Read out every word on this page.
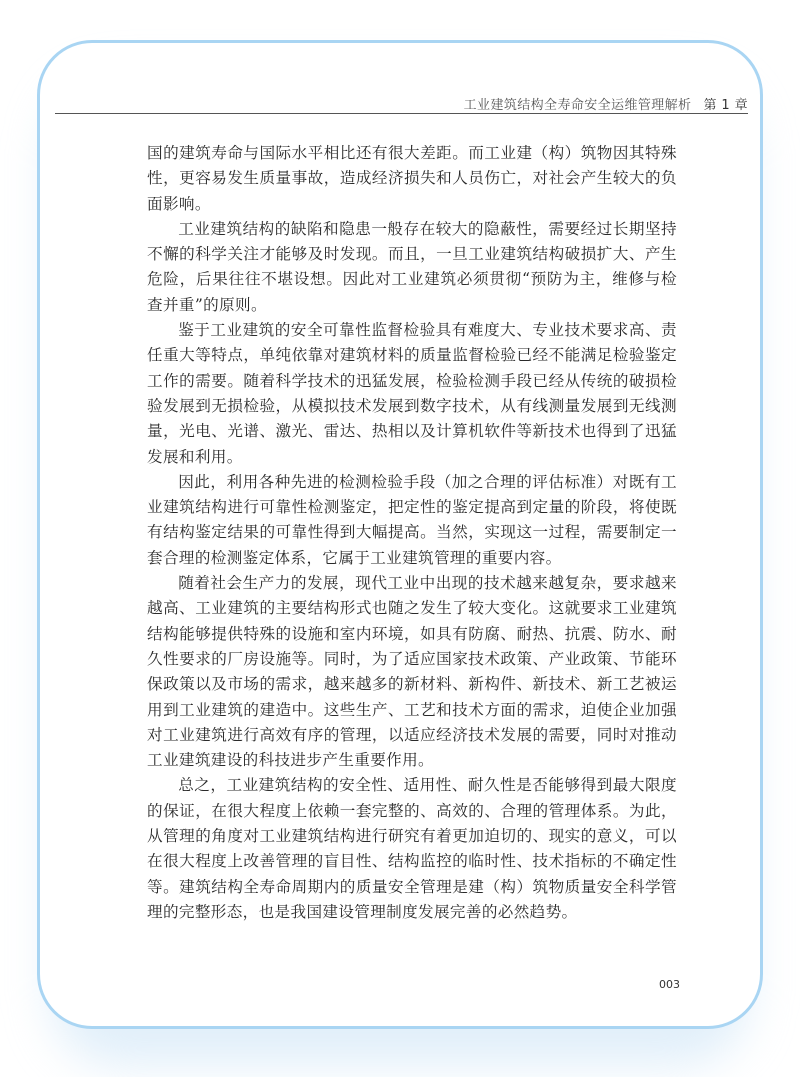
工业建筑结构全寿命安全运维管理解析 第 1 章

国的建筑寿命与国际水平相比还有很大差距。而工业建（构）筑物因其特殊性，更容易发生质量事故，造成经济损失和人员伤亡，对社会产生较大的负面影响。

工业建筑结构的缺陷和隐患一般存在较大的隐蔽性，需要经过长期坚持不懈的科学关注才能够及时发现。而且，一旦工业建筑结构破损扩大、产生危险，后果往往不堪设想。因此对工业建筑必须贯彻“预防为主，维修与检查并重”的原则。

鉴于工业建筑的安全可靠性监督检验具有难度大、专业技术要求高、责任重大等特点，单纯依靠对建筑材料的质量监督检验已经不能满足检验鉴定工作的需要。随着科学技术的迅猛发展，检验检测手段已经从传统的破损检验发展到无损检验，从模拟技术发展到数字技术，从有线测量发展到无线测量，光电、光谱、激光、雷达、热相以及计算机软件等新技术也得到了迅猛发展和利用。

因此，利用各种先进的检测检验手段（加之合理的评估标准）对既有工业建筑结构进行可靠性检测鉴定，把定性的鉴定提高到定量的阶段，将使既有结构鉴定结果的可靠性得到大幅提高。当然，实现这一过程，需要制定一套合理的检测鉴定体系，它属于工业建筑管理的重要内容。

随着社会生产力的发展，现代工业中出现的技术越来越复杂，要求越来越高、工业建筑的主要结构形式也随之发生了较大变化。这就要求工业建筑结构能够提供特殊的设施和室内环境，如具有防腐、耐热、抗震、防水、耐久性要求的厂房设施等。同时，为了适应国家技术政策、产业政策、节能环保政策以及市场的需求，越来越多的新材料、新构件、新技术、新工艺被运用到工业建筑的建造中。这些生产、工艺和技术方面的需求，迫使企业加强对工业建筑进行高效有序的管理，以适应经济技术发展的需要，同时对推动工业建筑建设的科技进步产生重要作用。

总之，工业建筑结构的安全性、适用性、耐久性是否能够得到最大限度的保证，在很大程度上依赖一套完整的、高效的、合理的管理体系。为此，从管理的角度对工业建筑结构进行研究有着更加迫切的、现实的意义，可以在很大程度上改善管理的盲目性、结构监控的临时性、技术指标的不确定性等。建筑结构全寿命周期内的质量安全管理是建（构）筑物质量安全科学管理的完整形态，也是我国建设管理制度发展完善的必然趋势。

003
